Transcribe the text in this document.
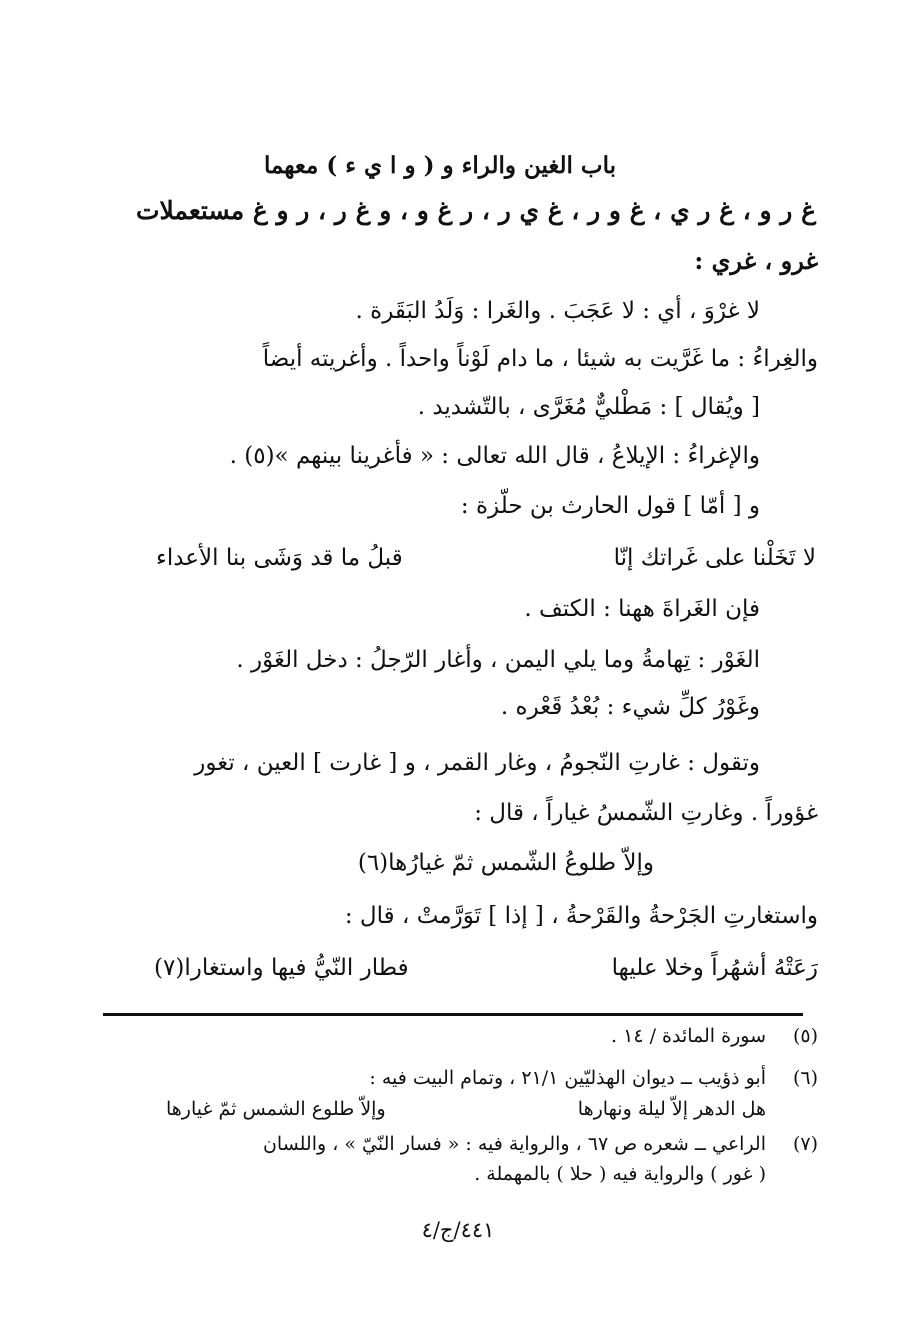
باب الغين والراء و ( و ا ي ء ) معهما
غ ر و ، غ ر ي ، غ و ر ، غ ي ر ، ر غ و ، و غ ر ، ر و غ مستعملات
غرو ، غري :
لا غرْوَ ، أي : لا عَجَبَ . والغَرا : وَلَدُ البَقَرة .
والغِراءُ : ما غَرَّيت به شيئا ، ما دام لَوْناً واحداً . وأغريته أيضاً
[ ويُقال ] : مَطْليٌّ مُغَرَّى ، بالتّشديد .
والإغراءُ : الإيلاعُ ، قال الله تعالى : « فأغرينا بينهم »(٥) .
و [ أمّا ] قول الحارث بن حلّزة :
لا تَخَلْنا على غَراتك إنّا
قبلُ ما قد وَشَى بنا الأعداء
فإن الغَراةَ ههنا : الكتف .
الغَوْر : تِهامةُ وما يلي اليمن ، وأغار الرّجلُ : دخل الغَوْر .
وغَوْرُ كلِّ شيء : بُعْدُ قَعْره .
وتقول : غارتِ النّجومُ ، وغار القمر ، و [ غارت ] العين ، تغور
غؤوراً . وغارتِ الشّمسُ غياراً ، قال :
وإلاّ طلوعُ الشّمس ثمّ غيارُها(٦)
واستغارتِ الجَرْحةُ والقَرْحةُ ، [ إذا ] تَوَرَّمتْ ، قال :
رَعَتْهُ أشهُراً وخلا عليها
فطار النّيُّ فيها واستغارا(٧)
(٥)
سورة المائدة / ١٤ .
(٦)
أبو ذؤيب ــ ديوان الهذليّين ٢١/١ ، وتمام البيت فيه :
هل الدهر إلاّ ليلة ونهارها
وإلاّ طلوع الشمس ثمّ غيارها
(٧)
الراعي ــ شعره ص ٦٧ ، والرواية فيه : « فسار النّيّ » ، واللسان
( غور ) والرواية فيه ( حلا ) بالمهملة .
٤٤١/ج/٤
